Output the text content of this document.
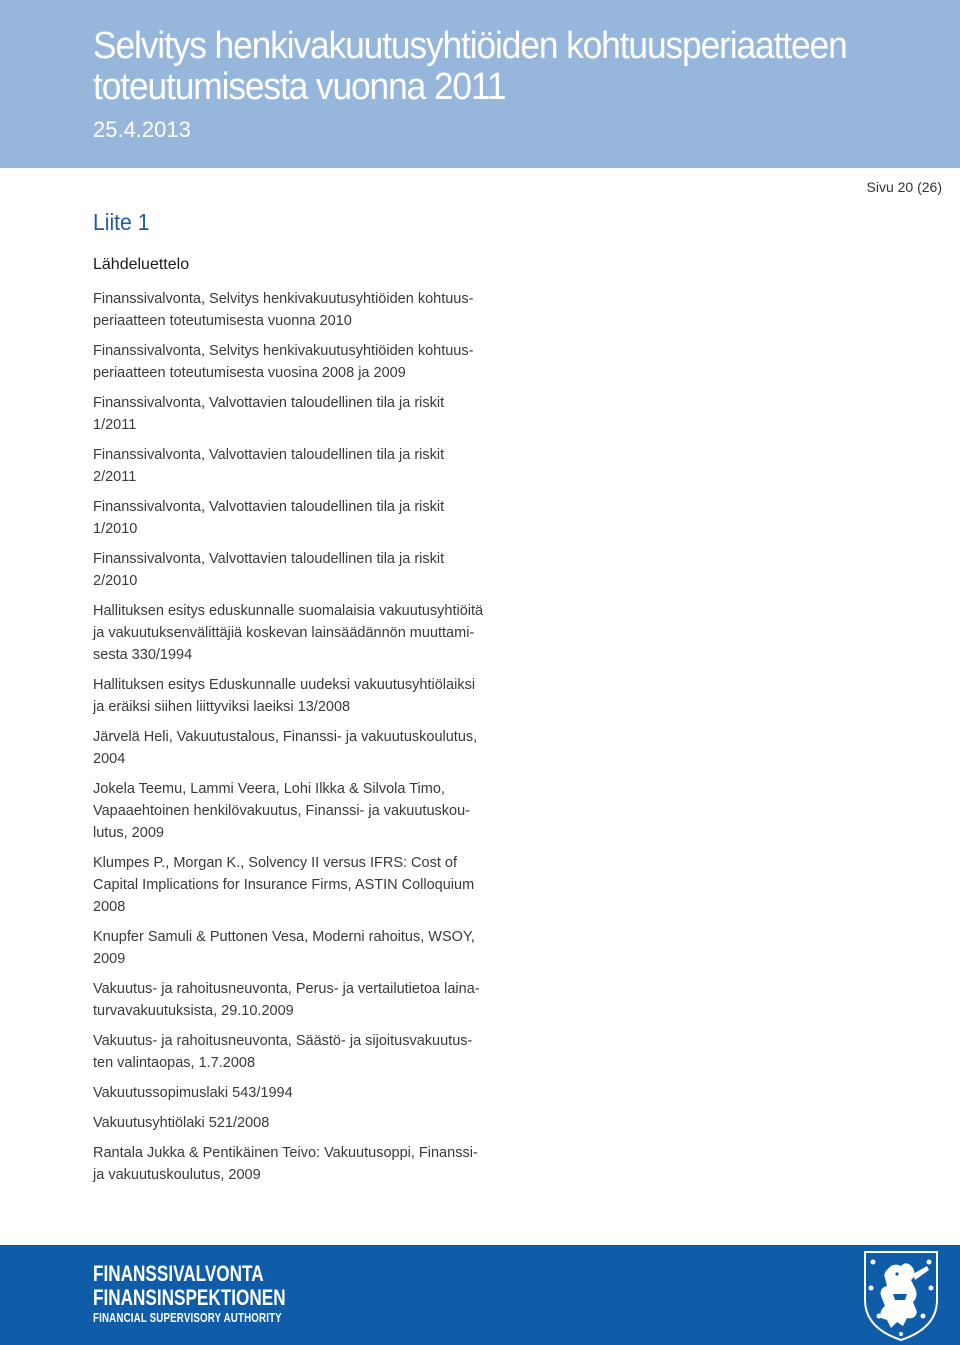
Selvitys henkivakuutusyhtiöiden kohtuusperiaatteen
toteutumisesta vuonna 2011

25.4.2013

Sivu 20 (26)
Liite 1
Lähdeluettelo
Finanssivalvonta, Selvitys henkivakuutusyhtiöiden kohtuus-
periaatteen toteutumisesta vuonna 2010
Finanssivalvonta, Selvitys henkivakuutusyhtiöiden kohtuus-
periaatteen toteutumisesta vuosina 2008 ja 2009
Finanssivalvonta, Valvottavien taloudellinen tila ja riskit
1/2011
Finanssivalvonta, Valvottavien taloudellinen tila ja riskit
2/2011
Finanssivalvonta, Valvottavien taloudellinen tila ja riskit
1/2010
Finanssivalvonta, Valvottavien taloudellinen tila ja riskit
2/2010
Hallituksen esitys eduskunnalle suomalaisia vakuutusyhtiöitä
ja vakuutuksenvälittäjiä koskevan lainsäädännön muuttami-
sesta 330/1994
Hallituksen esitys Eduskunnalle uudeksi vakuutusyhtiölaiksi
ja eräiksi siihen liittyviksi laeiksi 13/2008
Järvelä Heli, Vakuutustalous, Finanssi- ja vakuutuskoulutus,
2004
Jokela Teemu, Lammi Veera, Lohi Ilkka & Silvola Timo,
Vapaaehtoinen henkilövakuutus, Finanssi- ja vakuutuskou-
lutus, 2009
Klumpes P., Morgan K., Solvency II versus IFRS: Cost of
Capital Implications for Insurance Firms, ASTIN Colloquium
2008
Knupfer Samuli & Puttonen Vesa, Moderni rahoitus, WSOY,
2009
Vakuutus- ja rahoitusneuvonta, Perus- ja vertailutietoa laina-
turvavakuutuksista, 29.10.2009
Vakuutus- ja rahoitusneuvonta, Säästö- ja sijoitusvakuutus-
ten valintaopas, 1.7.2008
Vakuutussopimuslaki 543/1994
Vakuutusyhtiölaki 521/2008
Rantala Jukka & Pentikäinen Teivo: Vakuutusoppi, Finanssi-
ja vakuutuskoulutus, 2009
FINANSSIVALVONTA
FINANSINSPEKTIONEN
FINANCIAL SUPERVISORY AUTHORITY
